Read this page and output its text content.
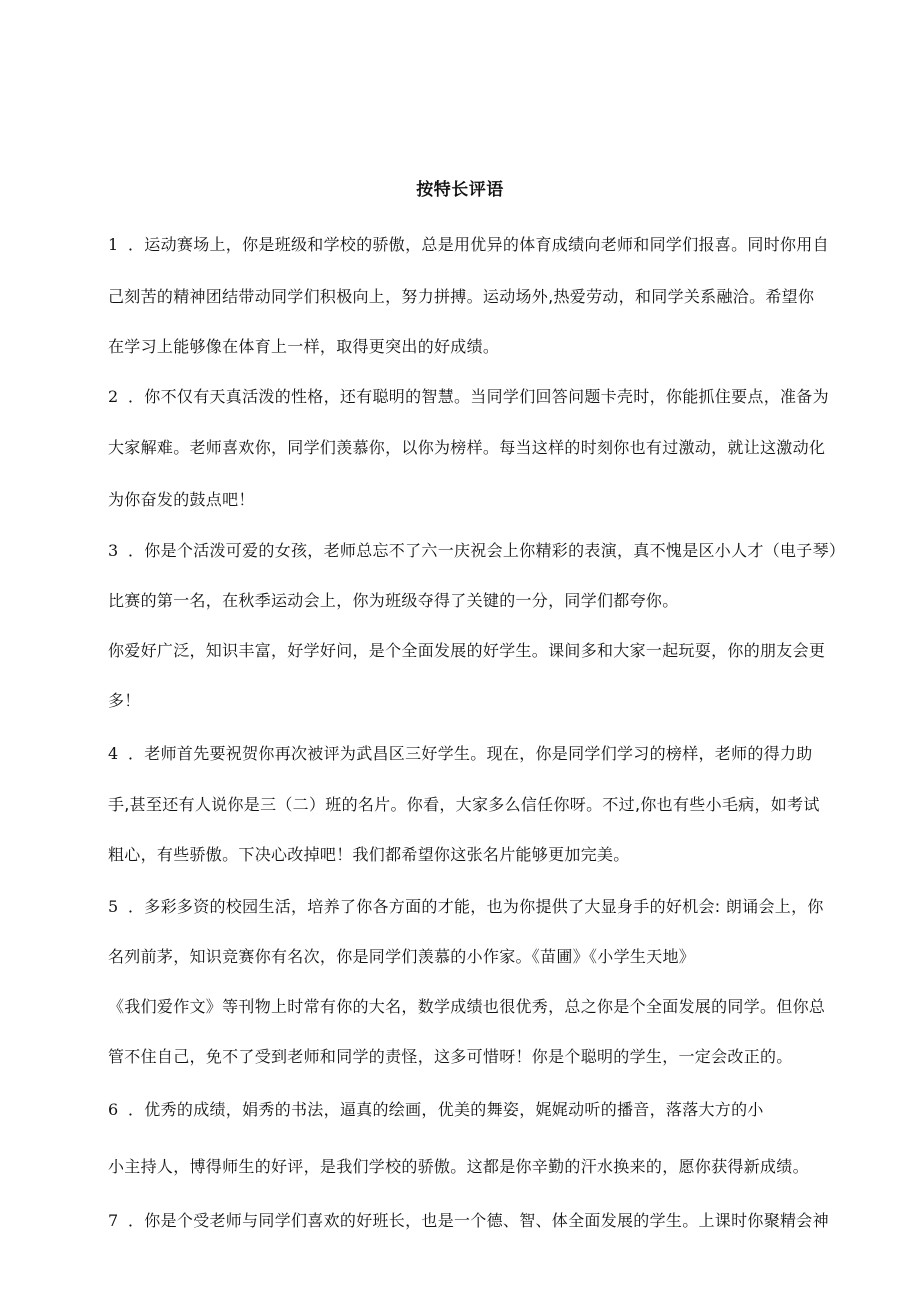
按特长评语

1 ．运动赛场上，你是班级和学校的骄傲，总是用优异的体育成绩向老师和同学们报喜。同时你用自

己刻苦的精神团结带动同学们积极向上，努力拼搏。运动场外,热爱劳动，和同学关系融洽。希望你

在学习上能够像在体育上一样，取得更突出的好成绩。

2 ．你不仅有天真活泼的性格，还有聪明的智慧。当同学们回答问题卡壳时，你能抓住要点，准备为

大家解难。老师喜欢你，同学们羡慕你，以你为榜样。每当这样的时刻你也有过激动，就让这激动化

为你奋发的鼓点吧！

3 ．你是个活泼可爱的女孩，老师总忘不了六一庆祝会上你精彩的表演，真不愧是区小人才（电子琴）

比赛的第一名，在秋季运动会上，你为班级夺得了关键的一分，同学们都夸你。

你爱好广泛，知识丰富，好学好问，是个全面发展的好学生。课间多和大家一起玩耍，你的朋友会更

多！

4 ．老师首先要祝贺你再次被评为武昌区三好学生。现在，你是同学们学习的榜样，老师的得力助

手,甚至还有人说你是三（二）班的名片。你看，大家多么信任你呀。不过,你也有些小毛病，如考试

粗心，有些骄傲。下决心改掉吧！我们都希望你这张名片能够更加完美。

5 ．多彩多资的校园生活，培养了你各方面的才能，也为你提供了大显身手的好机会: 朗诵会上，你

名列前茅，知识竞赛你有名次，你是同学们羡慕的小作家。《苗圃》《小学生天地》

《我们爱作文》等刊物上时常有你的大名，数学成绩也很优秀，总之你是个全面发展的同学。但你总

管不住自己，免不了受到老师和同学的责怪，这多可惜呀！你是个聪明的学生，一定会改正的。

6 ．优秀的成绩，娟秀的书法，逼真的绘画，优美的舞姿，娓娓动听的播音，落落大方的小

小主持人，博得师生的好评，是我们学校的骄傲。这都是你辛勤的汗水换来的，愿你获得新成绩。

7 ．你是个受老师与同学们喜欢的好班长，也是一个德、智、体全面发展的学生。上课时你聚精会神
